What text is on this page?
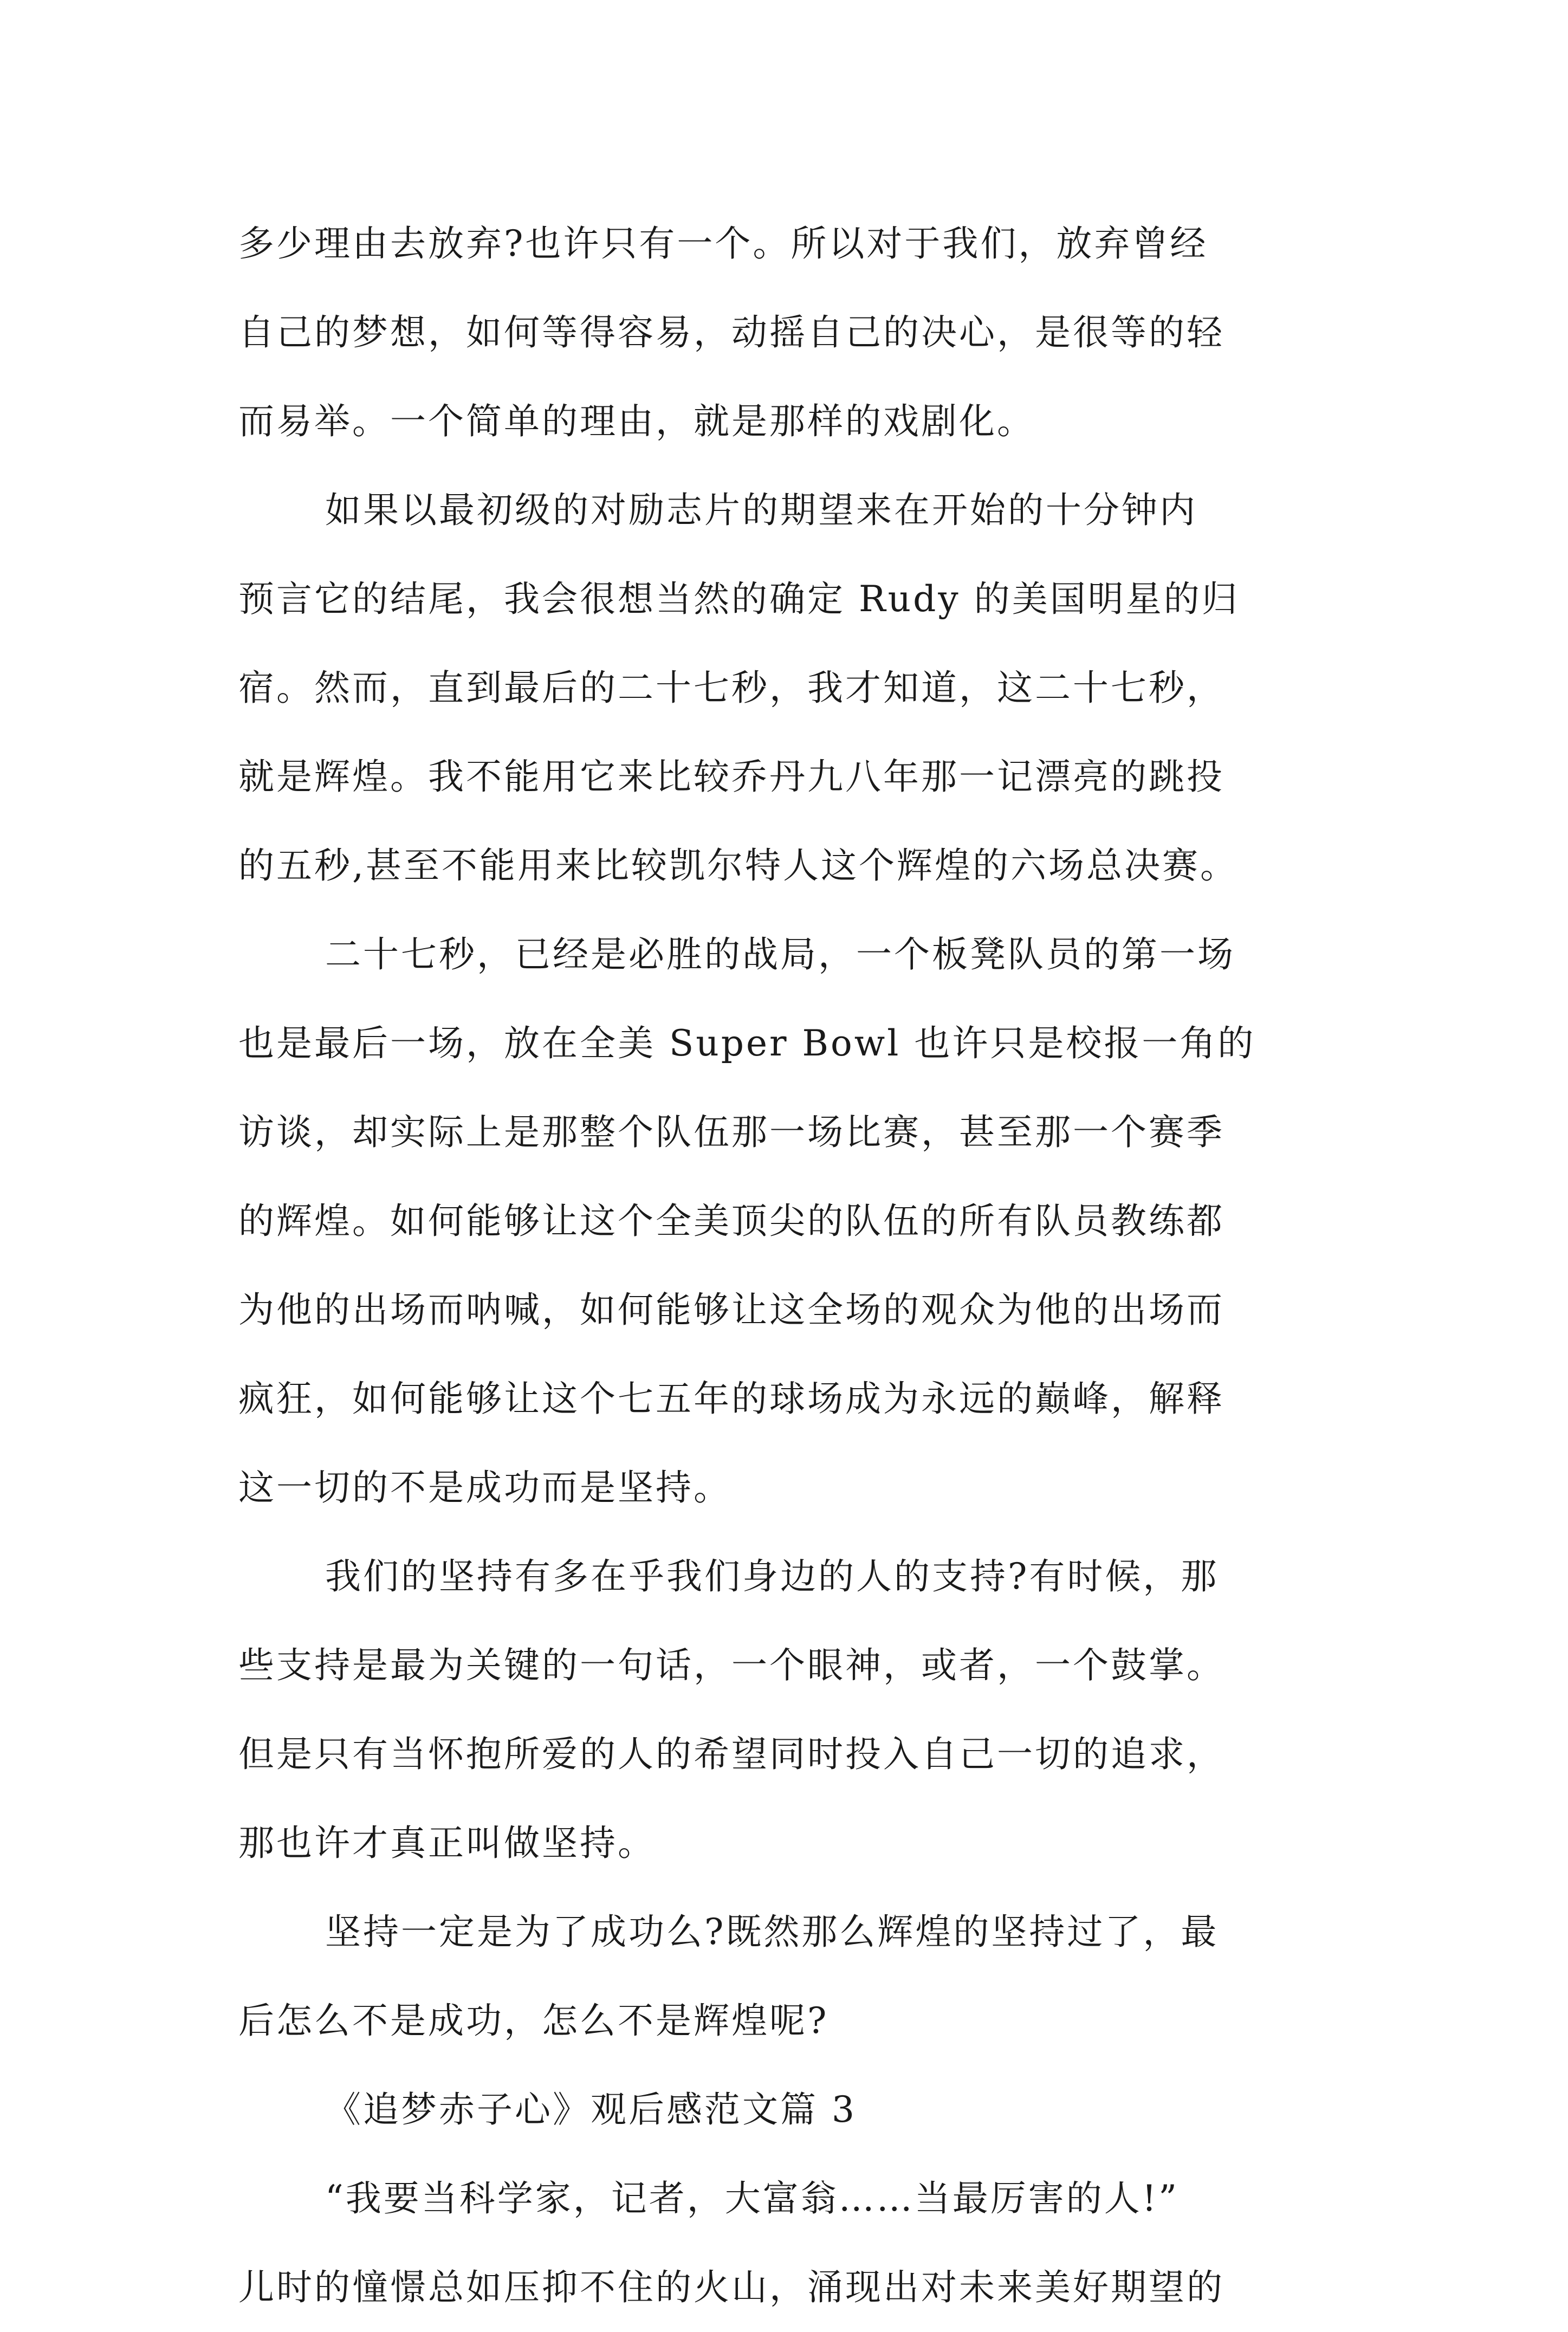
多少理由去放弃?也许只有一个。所以对于我们，放弃曾经
自己的梦想，如何等得容易，动摇自己的决心，是很等的轻
而易举。一个简单的理由，就是那样的戏剧化。
如果以最初级的对励志片的期望来在开始的十分钟内
预言它的结尾，我会很想当然的确定 Rudy 的美国明星的归
宿。然而，直到最后的二十七秒，我才知道，这二十七秒，
就是辉煌。我不能用它来比较乔丹九八年那一记漂亮的跳投
的五秒,甚至不能用来比较凯尔特人这个辉煌的六场总决赛。
二十七秒，已经是必胜的战局，一个板凳队员的第一场
也是最后一场，放在全美 Super Bowl 也许只是校报一角的
访谈，却实际上是那整个队伍那一场比赛，甚至那一个赛季
的辉煌。如何能够让这个全美顶尖的队伍的所有队员教练都
为他的出场而呐喊，如何能够让这全场的观众为他的出场而
疯狂，如何能够让这个七五年的球场成为永远的巅峰，解释
这一切的不是成功而是坚持。
我们的坚持有多在乎我们身边的人的支持?有时候，那
些支持是最为关键的一句话，一个眼神，或者，一个鼓掌。
但是只有当怀抱所爱的人的希望同时投入自己一切的追求，
那也许才真正叫做坚持。
坚持一定是为了成功么?既然那么辉煌的坚持过了，最
后怎么不是成功，怎么不是辉煌呢?
《追梦赤子心》观后感范文篇 3
“我要当科学家，记者，大富翁……当最厉害的人!”
儿时的憧憬总如压抑不住的火山，涌现出对未来美好期望的
